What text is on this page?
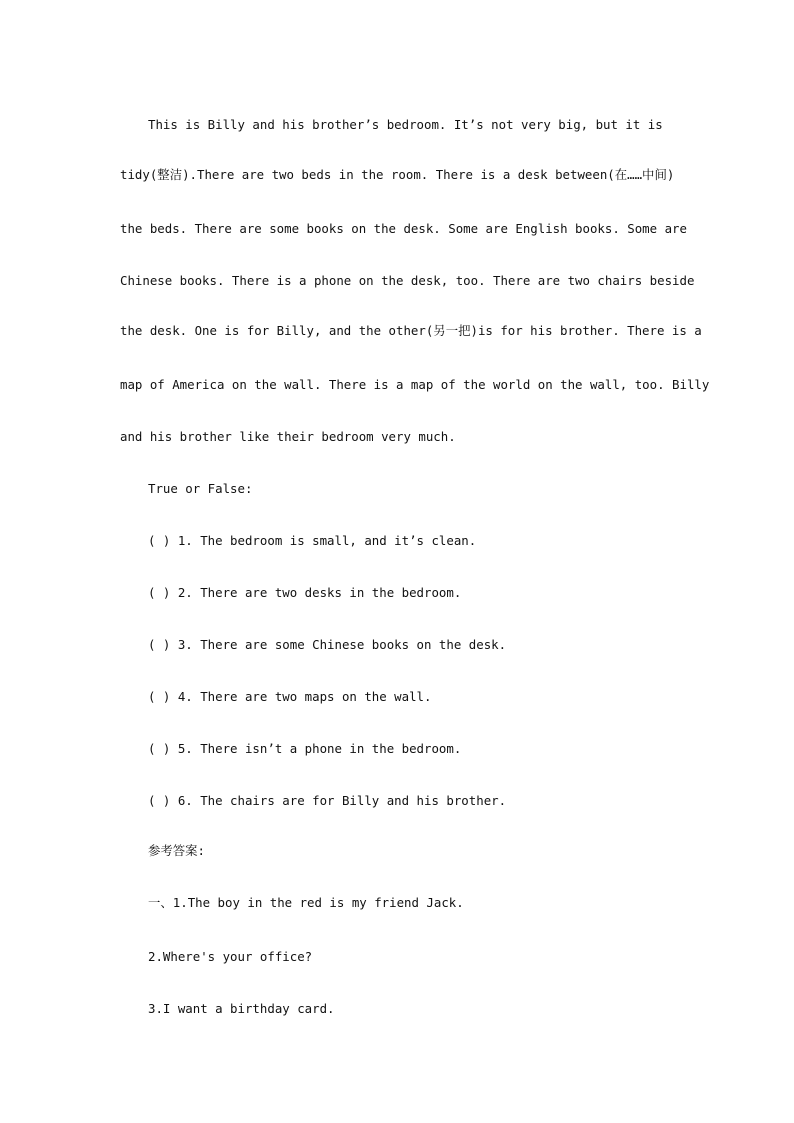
This is Billy and his brother’s bedroom. It’s not very big, but it is
tidy(整洁).There are two beds in the room. There is a desk between(在……中间)
the beds. There are some books on the desk. Some are English books. Some are
Chinese books. There is a phone on the desk, too. There are two chairs beside
the desk. One is for Billy, and the other(另一把)is for his brother. There is a
map of America on the wall. There is a map of the world on the wall, too. Billy
and his brother like their bedroom very much.
True or False:
( ) 1. The bedroom is small, and it’s clean.
( ) 2. There are two desks in the bedroom.
( ) 3. There are some Chinese books on the desk.
( ) 4. There are two maps on the wall.
( ) 5. There isn’t a phone in the bedroom.
( ) 6. The chairs are for Billy and his brother.
参考答案:
一、1.The boy in the red is my friend Jack.
2.Where's your office?
3.I want a birthday card.
